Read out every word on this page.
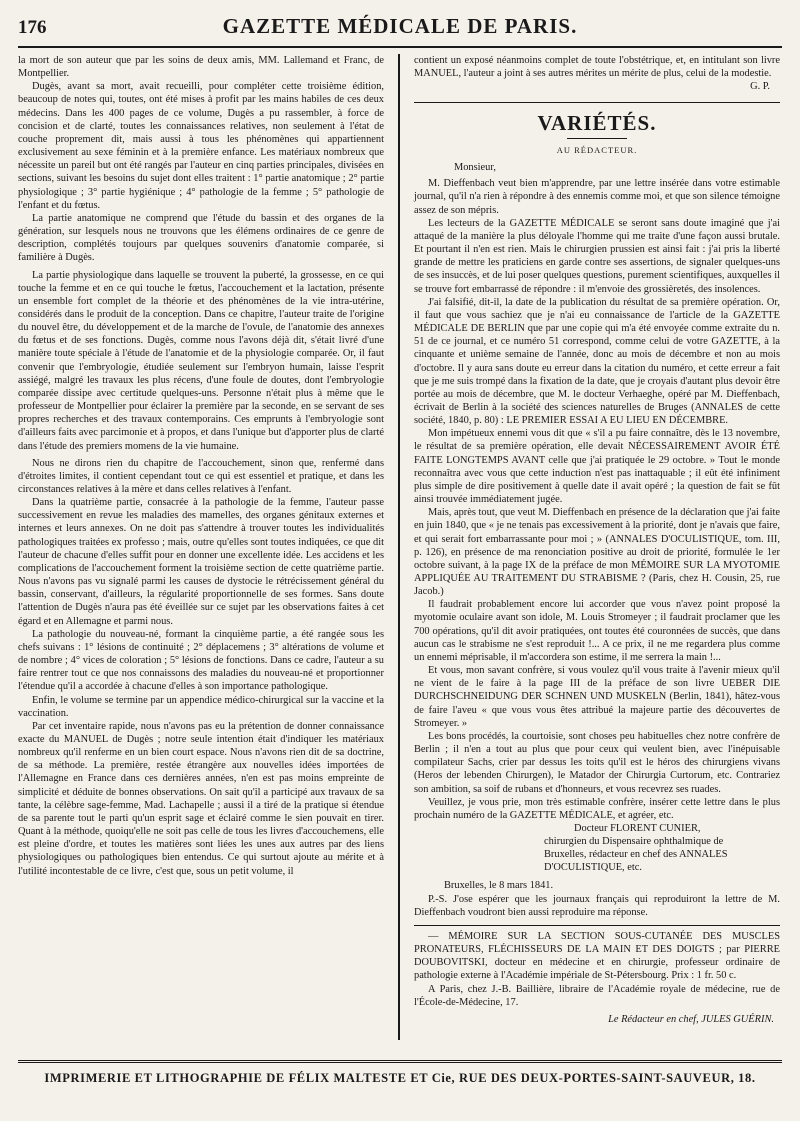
176	GAZETTE MÉDICALE DE PARIS.

la mort de son auteur que par les soins de deux amis, MM. Lallemand et Franc, de Montpellier.

Dugès, avant sa mort, avait recueilli, pour compléter cette troisième édition, beaucoup de notes qui, toutes, ont été mises à profit par les mains habiles de ces deux médecins. Dans les 400 pages de ce volume, Dugès a pu rassembler, à force de concision et de clarté, toutes les connaissances relatives, non seulement à l'état de couche proprement dit, mais aussi à tous les phénomènes qui appartiennent exclusivement au sexe féminin et à la première enfance. Les matériaux nombreux que nécessite un pareil but ont été rangés par l'auteur en cinq parties principales, divisées en sections, suivant les besoins du sujet dont elles traitent : 1° partie anatomique ; 2° partie physiologique ; 3° partie hygiénique ; 4° pathologie de la femme ; 5° pathologie de l'enfant et du fœtus.

La partie anatomique ne comprend que l'étude du bassin et des organes de la génération, sur lesquels nous ne trouvons que les élémens ordinaires de ce genre de description, complétés toujours par quelques souvenirs d'anatomie comparée, si familière à Dugès.

La partie physiologique dans laquelle se trouvent la puberté, la grossesse, en ce qui touche la femme et en ce qui touche le fœtus, l'accouchement et la lactation, présente un ensemble fort complet de la théorie et des phénomènes de la vie intra-utérine, considérés dans le produit de la conception. Dans ce chapitre, l'auteur traite de l'origine du nouvel être, du développement et de la marche de l'ovule, de l'anatomie des annexes du fœtus et de ses fonctions. Dugès, comme nous l'avons déjà dit, s'était livré d'une manière toute spéciale à l'étude de l'anatomie et de la physiologie comparée. Or, il faut convenir que l'embryologie, étudiée seulement sur l'embryon humain, laisse l'esprit assiégé, malgré les travaux les plus récens, d'une foule de doutes, dont l'embryologie comparée dissipe avec certitude quelques-uns. Personne n'était plus à même que le professeur de Montpellier pour éclairer la première par la seconde, en se servant de ses propres recherches et des travaux contemporains. Ces emprunts à l'embryologie sont d'ailleurs faits avec parcimonie et à propos, et dans l'unique but d'apporter plus de clarté dans l'étude des premiers momens de la vie humaine.

Nous ne dirons rien du chapitre de l'accouchement, sinon que, renfermé dans d'étroites limites, il contient cependant tout ce qui est essentiel et pratique, et dans les circonstances relatives à la mère et dans celles relatives à l'enfant.

Dans la quatrième partie, consacrée à la pathologie de la femme, l'auteur passe successivement en revue les maladies des mamelles, des organes génitaux externes et internes et leurs annexes. On ne doit pas s'attendre à trouver toutes les individualités pathologiques traitées ex professo ; mais, outre qu'elles sont toutes indiquées, ce que dit l'auteur de chacune d'elles suffit pour en donner une excellente idée. Les accidens et les complications de l'accouchement forment la troisième section de cette quatrième partie. Nous n'avons pas vu signalé parmi les causes de dystocie le rétrécissement général du bassin, conservant, d'ailleurs, la régularité proportionnelle de ses formes. Sans doute l'attention de Dugès n'aura pas été éveillée sur ce sujet par les observations faites à cet égard et en Allemagne et parmi nous.

La pathologie du nouveau-né, formant la cinquième partie, a été rangée sous les chefs suivans : 1° lésions de continuité ; 2° déplacemens ; 3° altérations de volume et de nombre ; 4° vices de coloration ; 5° lésions de fonctions. Dans ce cadre, l'auteur a su faire rentrer tout ce que nos connaissons des maladies du nouveau-né et proportionner l'étendue qu'il a accordée à chacune d'elles à son importance pathologique.

Enfin, le volume se termine par un appendice médico-chirurgical sur la vaccine et la vaccination.

Par cet inventaire rapide, nous n'avons pas eu la prétention de donner connaissance exacte du MANUEL de Dugès ; notre seule intention était d'indiquer les matériaux nombreux qu'il renferme en un bien court espace. Nous n'avons rien dit de sa doctrine, de sa méthode. La première, restée étrangère aux nouvelles idées importées de l'Allemagne en France dans ces dernières années, n'en est pas moins empreinte de simplicité et déduite de bonnes observations. On sait qu'il a participé aux travaux de sa tante, la célèbre sage-femme, Mad. Lachapelle ; aussi il a tiré de la pratique si étendue de sa parente tout le parti qu'un esprit sage et éclairé comme le sien pouvait en tirer. Quant à la méthode, quoiqu'elle ne soit pas celle de tous les livres d'accouchemens, elle est pleine d'ordre, et toutes les matières sont liées les unes aux autres par des liens physiologiques ou pathologiques bien entendus. Ce qui surtout ajoute au mérite et à l'utilité incontestable de ce livre, c'est que, sous un petit volume, il

contient un exposé néanmoins complet de toute l'obstétrique, et, en intitulant son livre MANUEL, l'auteur a joint à ses autres mérites un mérite de plus, celui de la modestie.

G. P.
VARIÉTÉS.
AU RÉDACTEUR.
Monsieur,

M. Dieffenbach veut bien m'apprendre, par une lettre insérée dans votre estimable journal, qu'il n'a rien à répondre à des ennemis comme moi, et que son silence témoigne assez de son mépris.

Les lecteurs de la GAZETTE MÉDICALE se seront sans doute imaginé que j'ai attaqué de la manière la plus déloyale l'homme qui me traite d'une façon aussi brutale. Et pourtant il n'en est rien. Mais le chirurgien prussien est ainsi fait : j'ai pris la liberté grande de mettre les praticiens en garde contre ses assertions, de signaler quelques-uns de ses insuccès, et de lui poser quelques questions, purement scientifiques, auxquelles il se trouve fort embarrassé de répondre : il m'envoie des grossièretés, des insolences.

J'ai falsifié, dit-il, la date de la publication du résultat de sa première opération. Or, il faut que vous sachiez que je n'ai eu connaissance de l'article de la GAZETTE MÉDICALE DE BERLIN que par une copie qui m'a été envoyée comme extraite du n. 51 de ce journal, et ce numéro 51 correspond, comme celui de votre GAZETTE, à la cinquante et unième semaine de l'année, donc au mois de décembre et non au mois d'octobre. Il y aura sans doute eu erreur dans la citation du numéro, et cette erreur a fait que je me suis trompé dans la fixation de la date, que je croyais d'autant plus devoir être portée au mois de décembre, que M. le docteur Verhaeghe, opéré par M. Dieffenbach, écrivait de Berlin à la société des sciences naturelles de Bruges (ANNALES de cette société, 1840, p. 80) : LE PREMIER ESSAI A EU LIEU EN DÉCEMBRE.

Mon impétueux ennemi vous dit que « s'il a pu faire connaître, dès le 13 novembre, le résultat de sa première opération, elle devait NÉCESSAIREMENT AVOIR ÉTÉ FAITE LONGTEMPS AVANT celle que j'ai pratiquée le 29 octobre. » Tout le monde reconnaîtra avec vous que cette induction n'est pas inattaquable ; il eût été infiniment plus simple de dire positivement à quelle date il avait opéré ; la question de fait se fût ainsi trouvée immédiatement jugée.

Mais, après tout, que veut M. Dieffenbach en présence de la déclaration que j'ai faite en juin 1840, que « je ne tenais pas excessivement à la priorité, dont je n'avais que faire, et qui serait fort embarrassante pour moi ; » (ANNALES D'OCULISTIQUE, tom. III, p. 126), en présence de ma renonciation positive au droit de priorité, formulée le 1er octobre suivant, à la page IX de la préface de mon MÉMOIRE SUR LA MYOTOMIE APPLIQUÉE AU TRAITEMENT DU STRABISME ? (Paris, chez H. Cousin, 25, rue Jacob.)

Il faudrait probablement encore lui accorder que vous n'avez point proposé la myotomie oculaire avant son idole, M. Louis Stromeyer ; il faudrait proclamer que les 700 opérations, qu'il dit avoir pratiquées, ont toutes été couronnées de succès, que dans aucun cas le strabisme ne s'est reproduit !... A ce prix, il ne me regardera plus comme un ennemi méprisable, il m'accordera son estime, il me serrera la main !...

Et vous, mon savant confrère, si vous voulez qu'il vous traite à l'avenir mieux qu'il ne vient de le faire à la page III de la préface de son livre UEBER DIE DURCHSCHNEIDUNG DER SCHNEN UND MUSKELN (Berlin, 1841), hâtez-vous de faire l'aveu « que vous vous êtes attribué la majeure partie des découvertes de Stromeyer. »

Les bons procédés, la courtoisie, sont choses peu habituelles chez notre confrère de Berlin ; il n'en a tout au plus que pour ceux qui veulent bien, avec l'inépuisable compilateur Sachs, crier par dessus les toits qu'il est le héros des chirurgiens vivans (Heros der lebenden Chirurgen), le Matador der Chirurgia Curtorum, etc. Contrariez son ambition, sa soif de rubans et d'honneurs, et vous recevrez ses ruades.

Veuillez, je vous prie, mon très estimable confrère, insérer cette lettre dans le plus prochain numéro de la GAZETTE MÉDICALE, et agréer, etc.

Docteur FLORENT CUNIER,
chirurgien du Dispensaire ophthalmique de
Bruxelles, rédacteur en chef des ANNALES
D'OCULISTIQUE, etc.
Bruxelles, le 8 mars 1841.

P.-S. J'ose espérer que les journaux français qui reproduiront la lettre de M. Dieffenbach voudront bien aussi reproduire ma réponse.

— MÉMOIRE SUR LA SECTION SOUS-CUTANÉE DES MUSCLES PRONATEURS, FLÉCHISSEURS DE LA MAIN ET DES DOIGTS ; par PIERRE DOUBOVITSKI, docteur en médecine et en chirurgie, professeur ordinaire de pathologie externe à l'Académie impériale de St-Pétersbourg. Prix : 1 fr. 50 c.

A Paris, chez J.-B. Baillière, libraire de l'Académie royale de médecine, rue de l'École-de-Médecine, 17.

Le Rédacteur en chef, JULES GUÉRIN.
IMPRIMERIE ET LITHOGRAPHIE DE FÉLIX MALTESTE ET Cie, RUE DES DEUX-PORTES-SAINT-SAUVEUR, 18.
